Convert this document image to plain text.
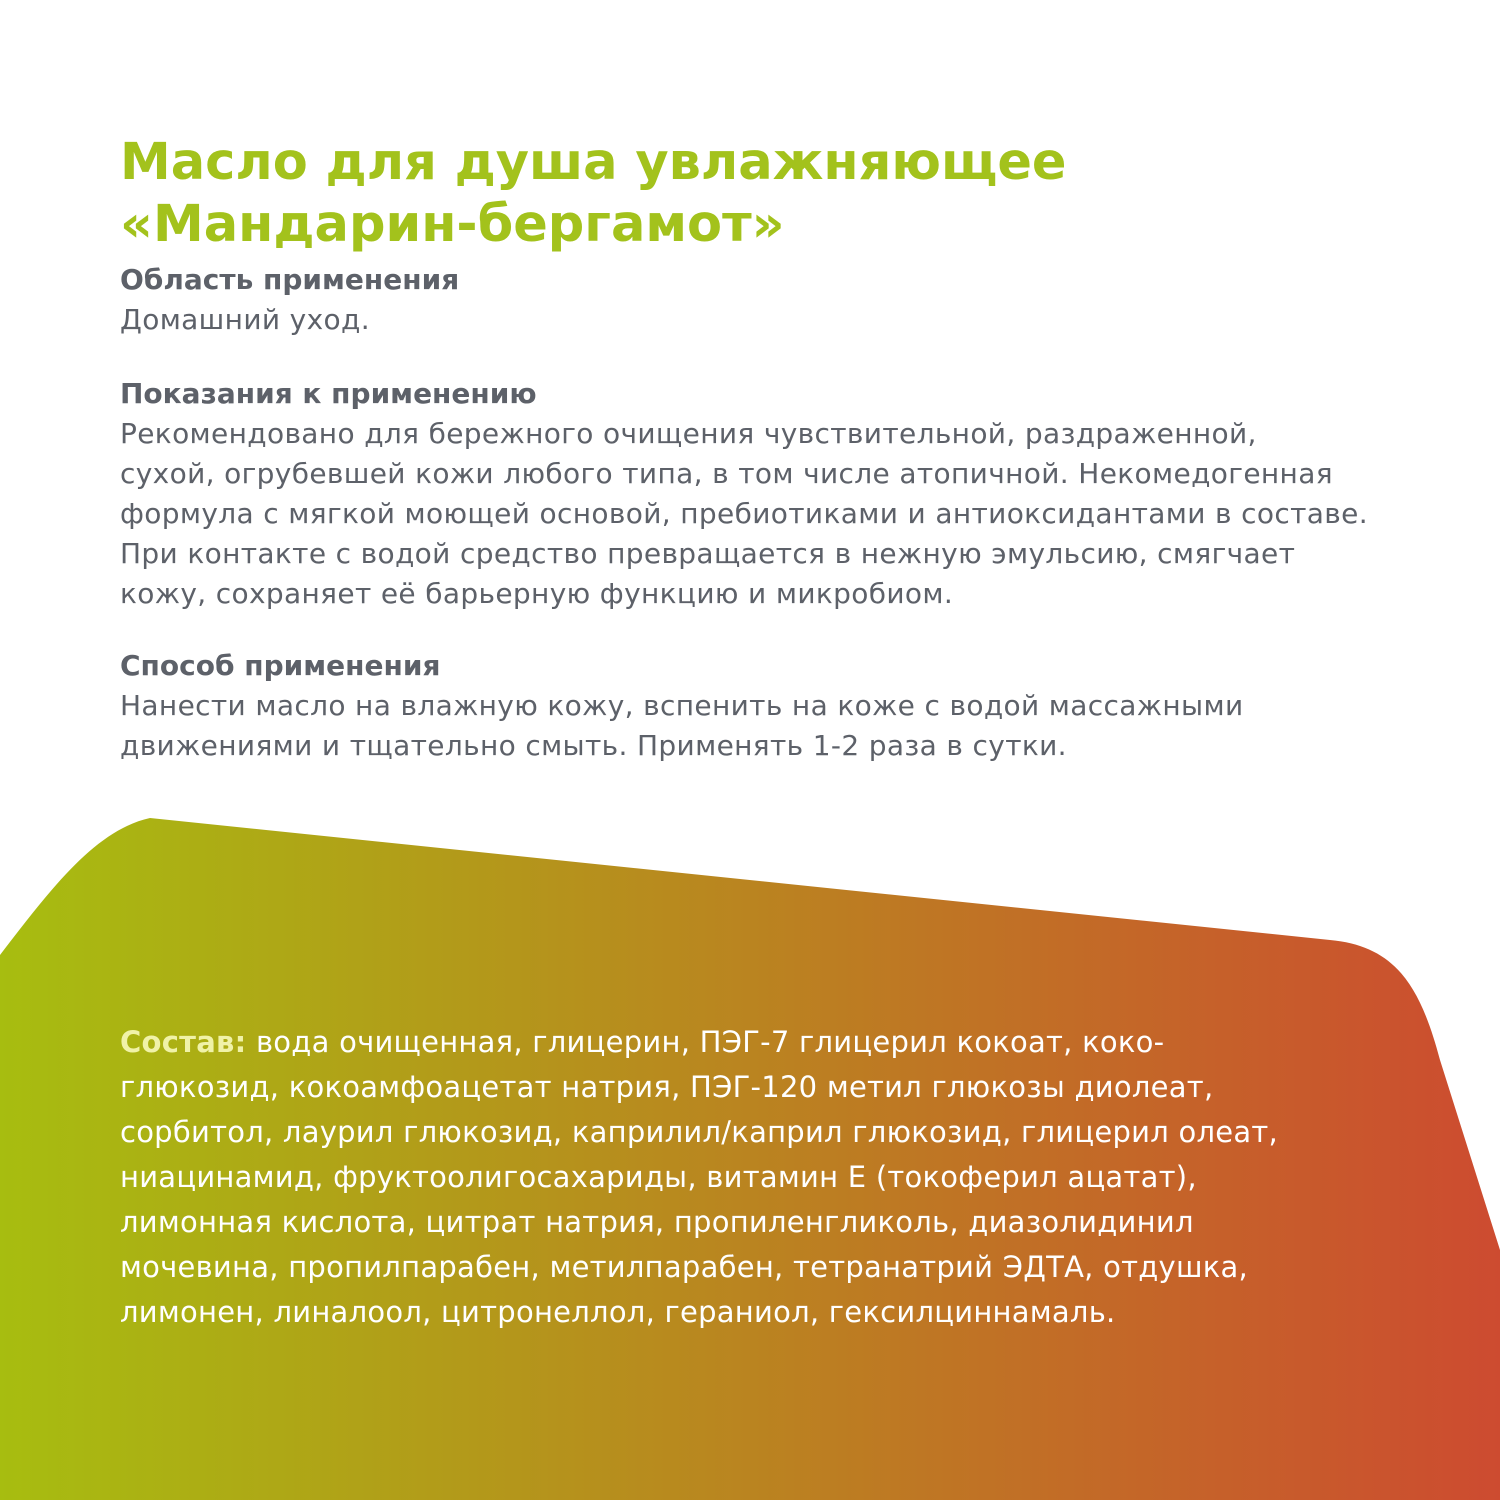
Масло для душа увлажняющее
«Мандарин-бергамот»
Область применения
Домашний уход.
Показания к применению
Рекомендовано для бережного очищения чувствительной, раздраженной,
сухой, огрубевшей кожи любого типа, в том числе атопичной. Некомедогенная
формула с мягкой моющей основой, пребиотиками и антиоксидантами в составе.
При контакте с водой средство превращается в нежную эмульсию, смягчает
кожу, сохраняет её барьерную функцию и микробиом.
Способ применения
Нанести масло на влажную кожу, вспенить на коже с водой массажными
движениями и тщательно смыть. Применять 1-2 раза в сутки.
Состав: вода очищенная, глицерин, ПЭГ-7 глицерил кокоат, коко-
глюкозид, кокоамфоацетат натрия, ПЭГ-120 метил глюкозы диолеат,
сорбитол, лаурил глюкозид, каприлил/каприл глюкозид, глицерил олеат,
ниацинамид, фруктоолигосахариды, витамин Е (токоферил ацатат),
лимонная кислота, цитрат натрия, пропиленгликоль, диазолидинил
мочевина, пропилпарабен, метилпарабен, тетранатрий ЭДТА, отдушка,
лимонен, линалоол, цитронеллол, гераниол, гексилциннамаль.
